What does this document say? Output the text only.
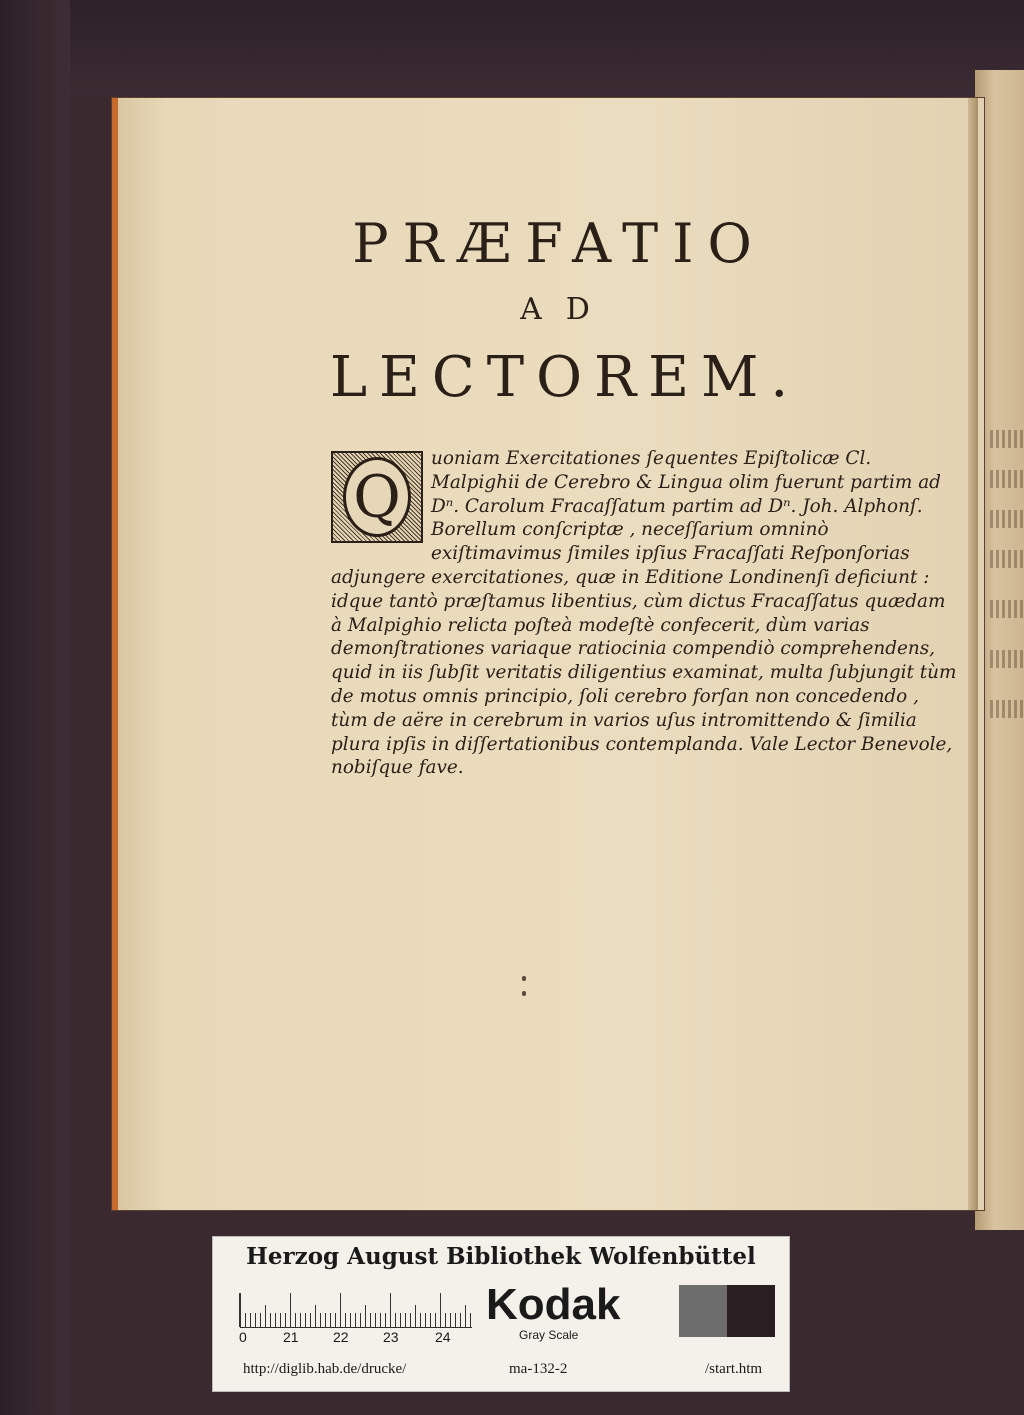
PRÆFATIO
AD
LECTOREM.
Q

uoniam Exercitationes ſequentes Epiſtolicæ Cl. Malpighii de Cerebro & Lingua olim fuerunt partim ad Dⁿ. Carolum Fracaſſatum partim ad Dⁿ. Joh. Alphonſ. Borellum conſcriptæ , neceſſarium omninò exiſtimavimus ſimiles ipſius Fracaſſati Reſponſorias adjungere exercitationes, quæ in Editione Londinenſi deficiunt : idque tantò præſtamus libentius, cùm dictus Fracaſſatus quædam à Malpighio relicta poſteà modeſtè confecerit, dùm varias demonſtrationes variaque ratiocinia compendiò comprehendens, quid in iis ſubſit veritatis diligentius examinat, multa ſubjungit tùm de motus omnis principio, ſoli cerebro forſan non concedendo , tùm de aëre in cerebrum in varios uſus intromittendo & ſimilia plura ipſis in diſſertationibus contemplanda. Vale Lector Benevole, nobiſque fave.

Herzog August Bibliothek Wolfenbüttel
0	21 22 23	24
Kodak
Gray Scale
http://diglib.hab.de/drucke/	ma-132-2	/start.htm
